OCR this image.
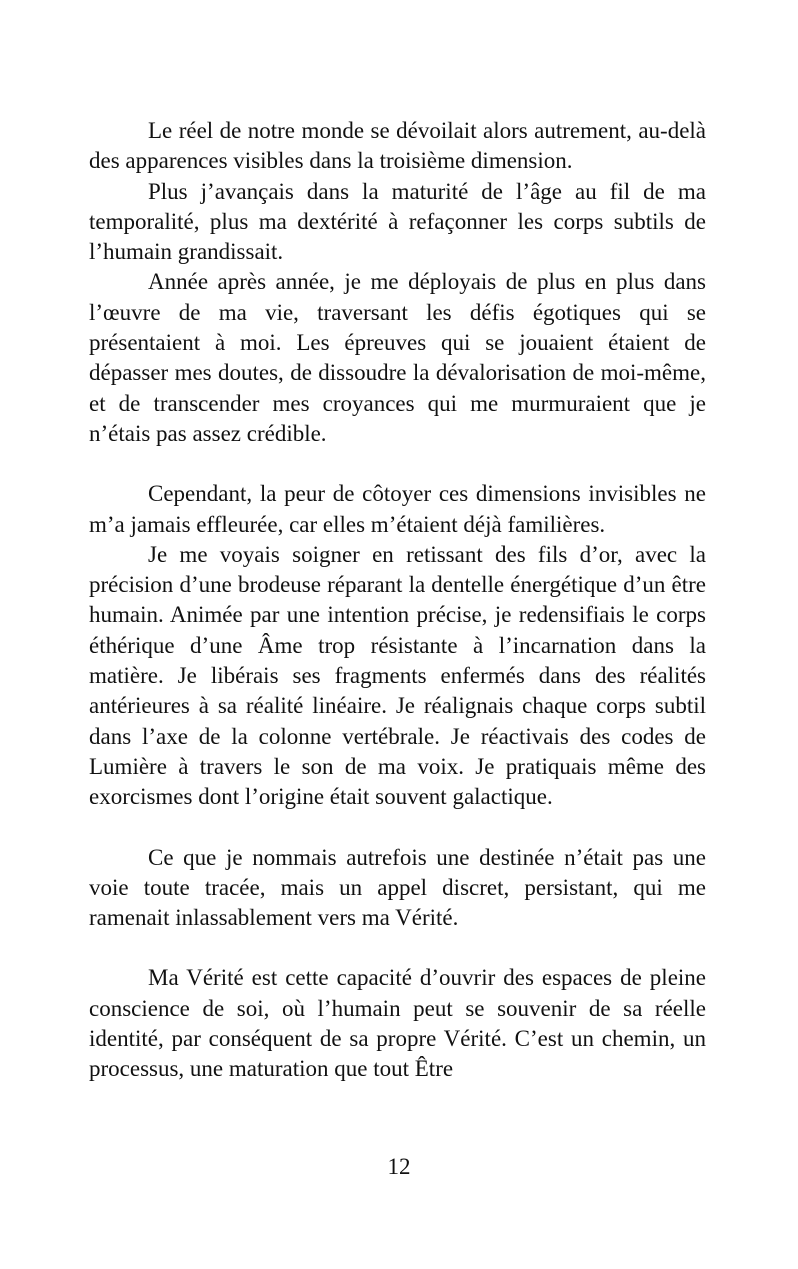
Le réel de notre monde se dévoilait alors autrement, au-delà des apparences visibles dans la troisième dimension.

Plus j’avançais dans la maturité de l’âge au fil de ma temporalité, plus ma dextérité à refaçonner les corps subtils de l’humain grandissait.

Année après année, je me déployais de plus en plus dans l’œuvre de ma vie, traversant les défis égotiques qui se présentaient à moi. Les épreuves qui se jouaient étaient de dépasser mes doutes, de dissoudre la dévalorisation de moi-même, et de transcender mes croyances qui me murmuraient que je n’étais pas assez crédible.

Cependant, la peur de côtoyer ces dimensions invisibles ne m’a jamais effleurée, car elles m’étaient déjà familières.

Je me voyais soigner en retissant des fils d’or, avec la précision d’une brodeuse réparant la dentelle énergétique d’un être humain. Animée par une intention précise, je redensifiais le corps éthérique d’une Âme trop résistante à l’incarnation dans la matière. Je libérais ses fragments enfermés dans des réalités antérieures à sa réalité linéaire. Je réalignais chaque corps subtil dans l’axe de la colonne vertébrale. Je réactivais des codes de Lumière à travers le son de ma voix. Je pratiquais même des exorcismes dont l’origine était souvent galactique.

Ce que je nommais autrefois une destinée n’était pas une voie toute tracée, mais un appel discret, persistant, qui me ramenait inlassablement vers ma Vérité.

Ma Vérité est cette capacité d’ouvrir des espaces de pleine conscience de soi, où l’humain peut se souvenir de sa réelle identité, par conséquent de sa propre Vérité. C’est un chemin, un processus, une maturation que tout Être

12
